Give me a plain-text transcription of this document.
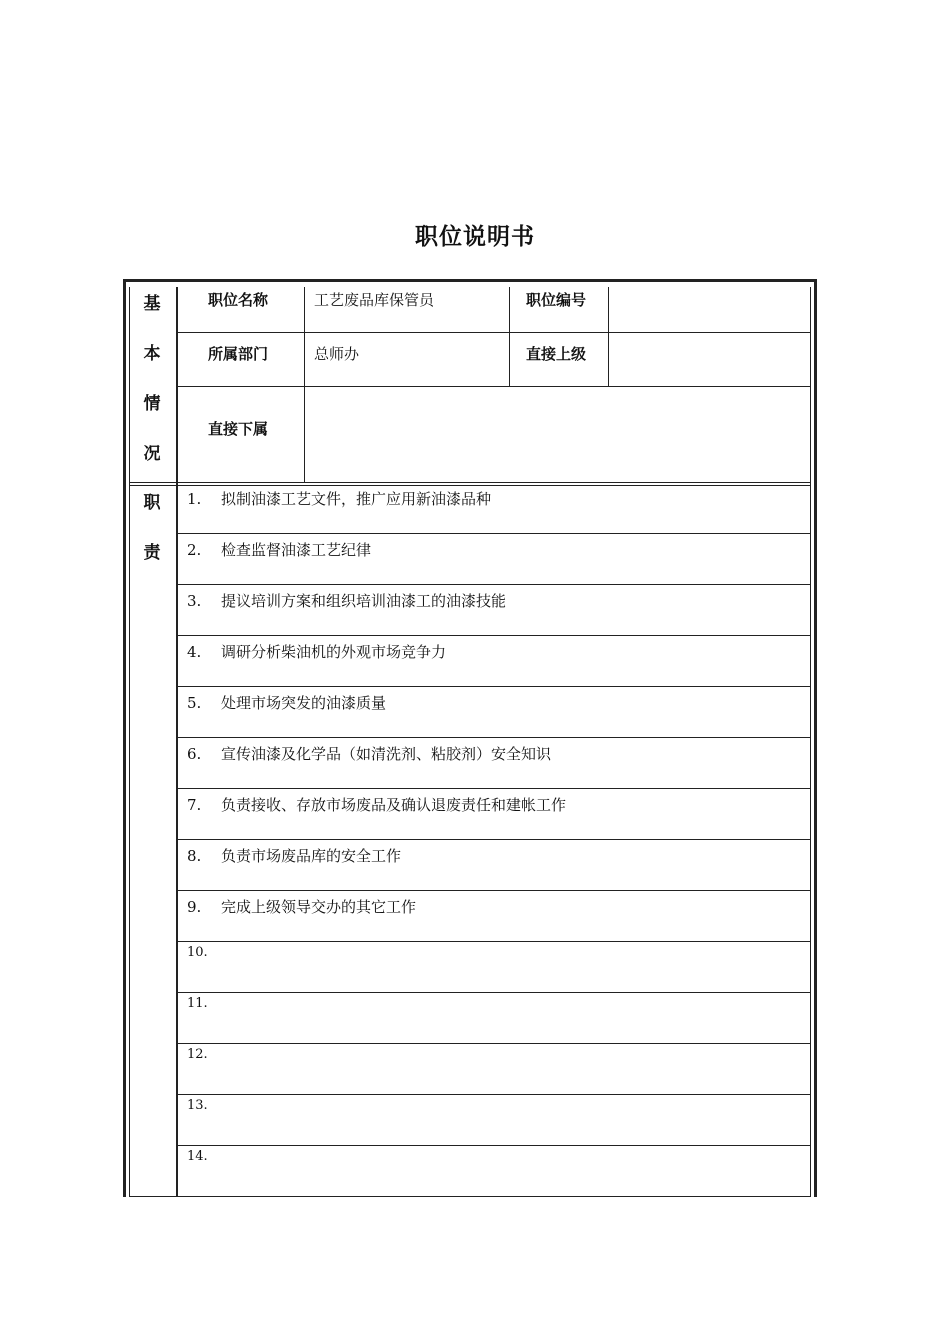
职位说明书
基
本
情
况
职位名称	工艺废品库保管员	职位编号
所属部门	总师办	直接上级
直接下属
职
责
1. 拟制油漆工艺文件，推广应用新油漆品种
2. 检查监督油漆工艺纪律
3. 提议培训方案和组织培训油漆工的油漆技能
4. 调研分析柴油机的外观市场竞争力
5. 处理市场突发的油漆质量
6. 宣传油漆及化学品（如清洗剂、粘胶剂）安全知识
7. 负责接收、存放市场废品及确认退废责任和建帐工作
8. 负责市场废品库的安全工作
9. 完成上级领导交办的其它工作
10.
11.
12.
13.
14.
